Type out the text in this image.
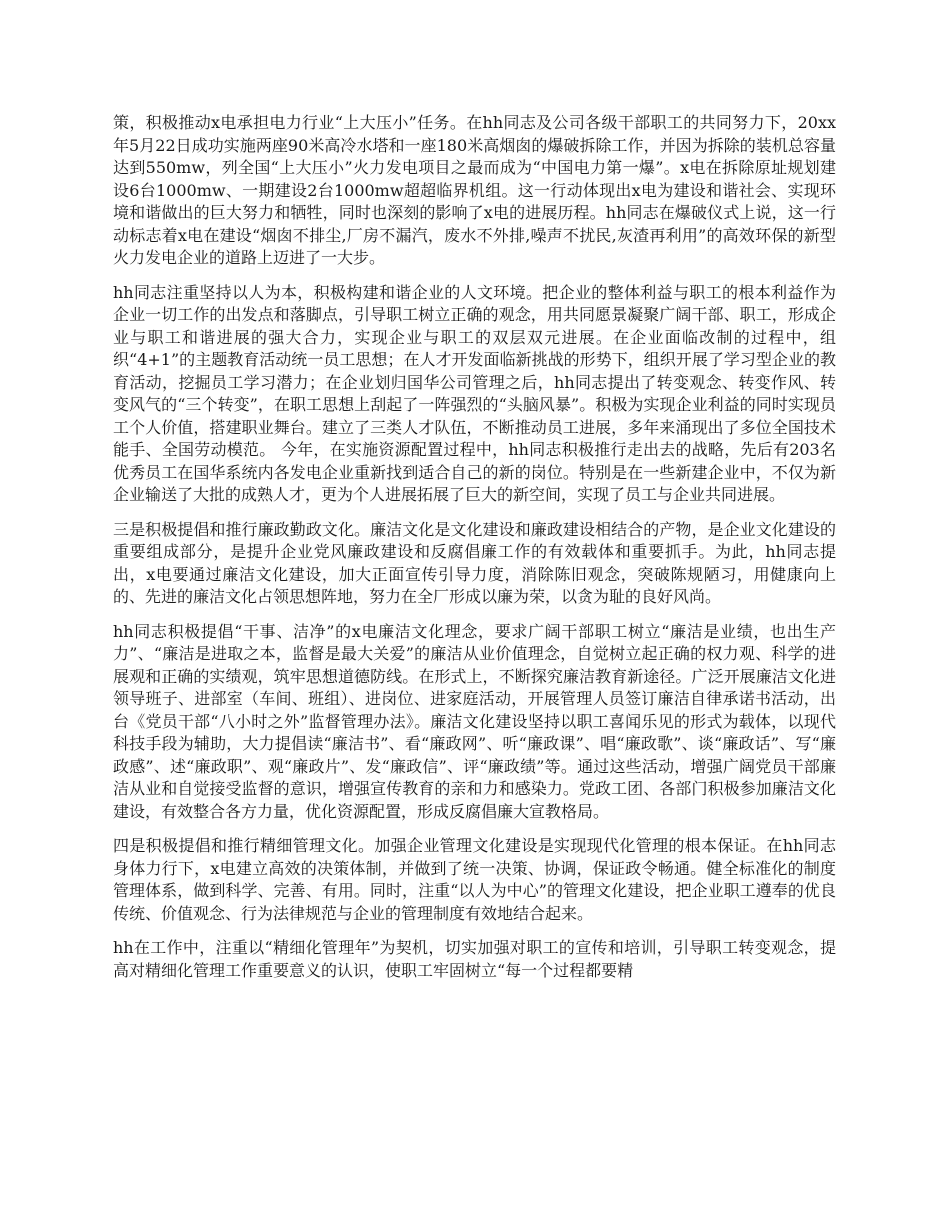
策，积极推动x电承担电力行业“上大压小”任务。在hh同志及公司各级干部职工的共同努力下，20xx年5月22日成功实施两座90米高冷水塔和一座180米高烟囱的爆破拆除工作，并因为拆除的装机总容量达到550mw，列全国“上大压小”火力发电项目之最而成为“中国电力第一爆”。x电在拆除原址规划建设6台1000mw、一期建设2台1000mw超超临界机组。这一行动体现出x电为建设和谐社会、实现环境和谐做出的巨大努力和牺牲，同时也深刻的影响了x电的进展历程。hh同志在爆破仪式上说，这一行动标志着x电在建设“烟囱不排尘,厂房不漏汽，废水不外排,噪声不扰民,灰渣再利用”的高效环保的新型火力发电企业的道路上迈进了一大步。

hh同志注重坚持以人为本，积极构建和谐企业的人文环境。把企业的整体利益与职工的根本利益作为企业一切工作的出发点和落脚点，引导职工树立正确的观念，用共同愿景凝聚广阔干部、职工，形成企业与职工和谐进展的强大合力，实现企业与职工的双层双元进展。在企业面临改制的过程中，组织“4+1”的主题教育活动统一员工思想；在人才开发面临新挑战的形势下，组织开展了学习型企业的教育活动，挖掘员工学习潜力；在企业划归国华公司管理之后，hh同志提出了转变观念、转变作风、转变风气的“三个转变”，在职工思想上刮起了一阵强烈的“头脑风暴”。积极为实现企业利益的同时实现员工个人价值，搭建职业舞台。建立了三类人才队伍，不断推动员工进展，多年来涌现出了多位全国技术能手、全国劳动模范。 今年，在实施资源配置过程中，hh同志积极推行走出去的战略，先后有203名优秀员工在国华系统内各发电企业重新找到适合自己的新的岗位。特别是在一些新建企业中，不仅为新企业输送了大批的成熟人才，更为个人进展拓展了巨大的新空间，实现了员工与企业共同进展。

三是积极提倡和推行廉政勤政文化。廉洁文化是文化建设和廉政建设相结合的产物，是企业文化建设的重要组成部分，是提升企业党风廉政建设和反腐倡廉工作的有效载体和重要抓手。为此，hh同志提出，x电要通过廉洁文化建设，加大正面宣传引导力度，消除陈旧观念，突破陈规陋习，用健康向上的、先进的廉洁文化占领思想阵地，努力在全厂形成以廉为荣，以贪为耻的良好风尚。

hh同志积极提倡“干事、洁净”的x电廉洁文化理念，要求广阔干部职工树立“廉洁是业绩，也出生产力”、“廉洁是进取之本，监督是最大关爱”的廉洁从业价值理念，自觉树立起正确的权力观、科学的进展观和正确的实绩观，筑牢思想道德防线。在形式上，不断探究廉洁教育新途径。广泛开展廉洁文化进领导班子、进部室（车间、班组）、进岗位、进家庭活动，开展管理人员签订廉洁自律承诺书活动，出台《党员干部“八小时之外”监督管理办法》。廉洁文化建设坚持以职工喜闻乐见的形式为载体，以现代科技手段为辅助，大力提倡读“廉洁书”、看“廉政网”、听“廉政课”、唱“廉政歌”、谈“廉政话”、写“廉政感”、述“廉政职”、观“廉政片”、发“廉政信”、评“廉政绩”等。通过这些活动，增强广阔党员干部廉洁从业和自觉接受监督的意识，增强宣传教育的亲和力和感染力。党政工团、各部门积极参加廉洁文化建设，有效整合各方力量，优化资源配置，形成反腐倡廉大宣教格局。

四是积极提倡和推行精细管理文化。加强企业管理文化建设是实现现代化管理的根本保证。在hh同志身体力行下，x电建立高效的决策体制，并做到了统一决策、协调，保证政令畅通。健全标准化的制度管理体系，做到科学、完善、有用。同时，注重“以人为中心”的管理文化建设，把企业职工遵奉的优良传统、价值观念、行为法律规范与企业的管理制度有效地结合起来。

hh在工作中，注重以“精细化管理年”为契机，切实加强对职工的宣传和培训，引导职工转变观念，提高对精细化管理工作重要意义的认识，使职工牢固树立“每一个过程都要精
